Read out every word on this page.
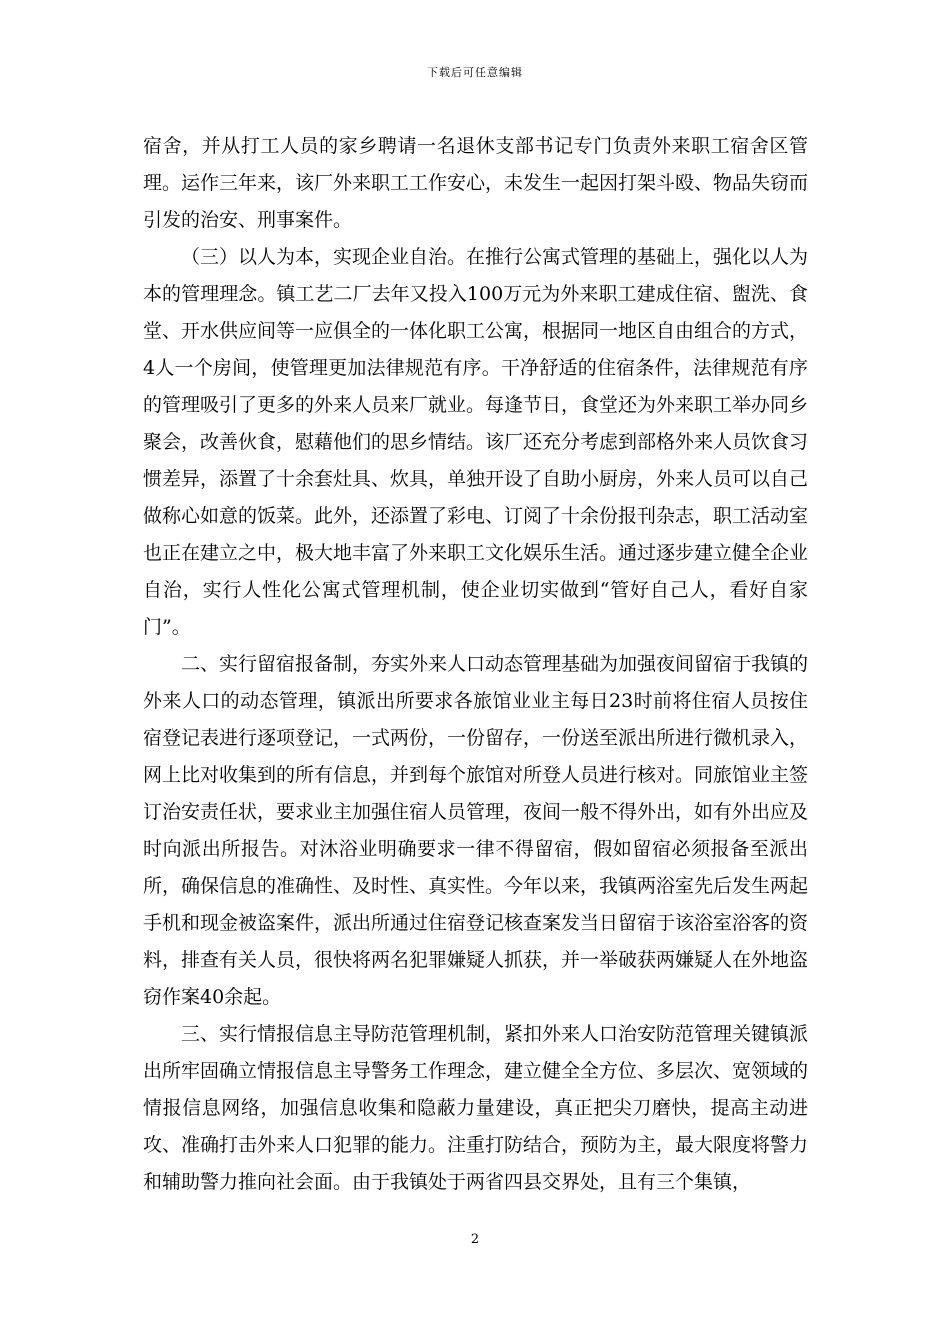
下载后可任意编辑

宿舍，并从打工人员的家乡聘请一名退休支部书记专门负责外来职工宿舍区管理。运作三年来，该厂外来职工工作安心，未发生一起因打架斗殴、物品失窃而引发的治安、刑事案件。

（三）以人为本，实现企业自治。在推行公寓式管理的基础上，强化以人为本的管理理念。镇工艺二厂去年又投入100万元为外来职工建成住宿、盥洗、食堂、开水供应间等一应俱全的一体化职工公寓，根据同一地区自由组合的方式，4人一个房间，使管理更加法律规范有序。干净舒适的住宿条件，法律规范有序的管理吸引了更多的外来人员来厂就业。每逢节日，食堂还为外来职工举办同乡聚会，改善伙食，慰藉他们的思乡情结。该厂还充分考虑到部格外来人员饮食习惯差异，添置了十余套灶具、炊具，单独开设了自助小厨房，外来人员可以自己做称心如意的饭菜。此外，还添置了彩电、订阅了十余份报刊杂志，职工活动室也正在建立之中，极大地丰富了外来职工文化娱乐生活。通过逐步建立健全企业自治，实行人性化公寓式管理机制，使企业切实做到“管好自己人，看好自家门”。

二、实行留宿报备制，夯实外来人口动态管理基础为加强夜间留宿于我镇的外来人口的动态管理，镇派出所要求各旅馆业业主每日23时前将住宿人员按住宿登记表进行逐项登记，一式两份，一份留存，一份送至派出所进行微机录入，网上比对收集到的所有信息，并到每个旅馆对所登人员进行核对。同旅馆业主签订治安责任状，要求业主加强住宿人员管理，夜间一般不得外出，如有外出应及时向派出所报告。对沐浴业明确要求一律不得留宿，假如留宿必须报备至派出所，确保信息的准确性、及时性、真实性。今年以来，我镇两浴室先后发生两起手机和现金被盗案件，派出所通过住宿登记核查案发当日留宿于该浴室浴客的资料，排查有关人员，很快将两名犯罪嫌疑人抓获，并一举破获两嫌疑人在外地盗窃作案40余起。

三、实行情报信息主导防范管理机制，紧扣外来人口治安防范管理关键镇派出所牢固确立情报信息主导警务工作理念，建立健全全方位、多层次、宽领域的情报信息网络，加强信息收集和隐蔽力量建设，真正把尖刀磨快，提高主动进攻、准确打击外来人口犯罪的能力。注重打防结合，预防为主，最大限度将警力和辅助警力推向社会面。由于我镇处于两省四县交界处，且有三个集镇，

2
